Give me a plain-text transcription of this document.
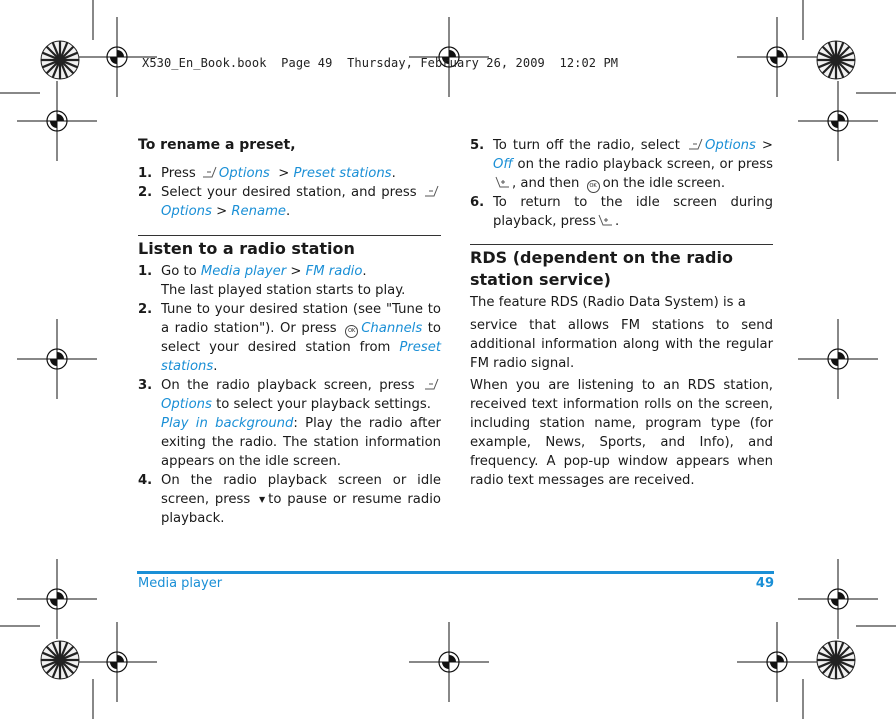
X530_En_Book.book  Page 49  Thursday, February 26, 2009  12:02 PM
To rename a preset,
1. Press Options > Preset stations.
2. Select your desired station, and press Options > Rename.
Listen to a radio station
1. Go to Media player > FM radio.
The last played station starts to play.
2. Tune to your desired station (see "Tune to a radio station"). Or press OK Channels to select your desired station from Preset stations.
3. On the radio playback screen, press Options to select your playback settings.
Play in background: Play the radio after exiting the radio. The station information appears on the idle screen.
4. On the radio playback screen or idle screen, press ▼ to pause or resume radio playback.
5. To turn off the radio, select Options > Off on the radio playback screen, or press , and then OK on the idle screen.
6. To return to the idle screen during playback, press .
RDS (dependent on the radio station service)

The feature RDS (Radio Data System) is a

service that allows FM stations to send additional information along with the regular FM radio signal.

When you are listening to an RDS station, received text information rolls on the screen, including station name, program type (for example, News, Sports, and Info), and frequency. A pop-up window appears when radio text messages are received.

Media player	49
